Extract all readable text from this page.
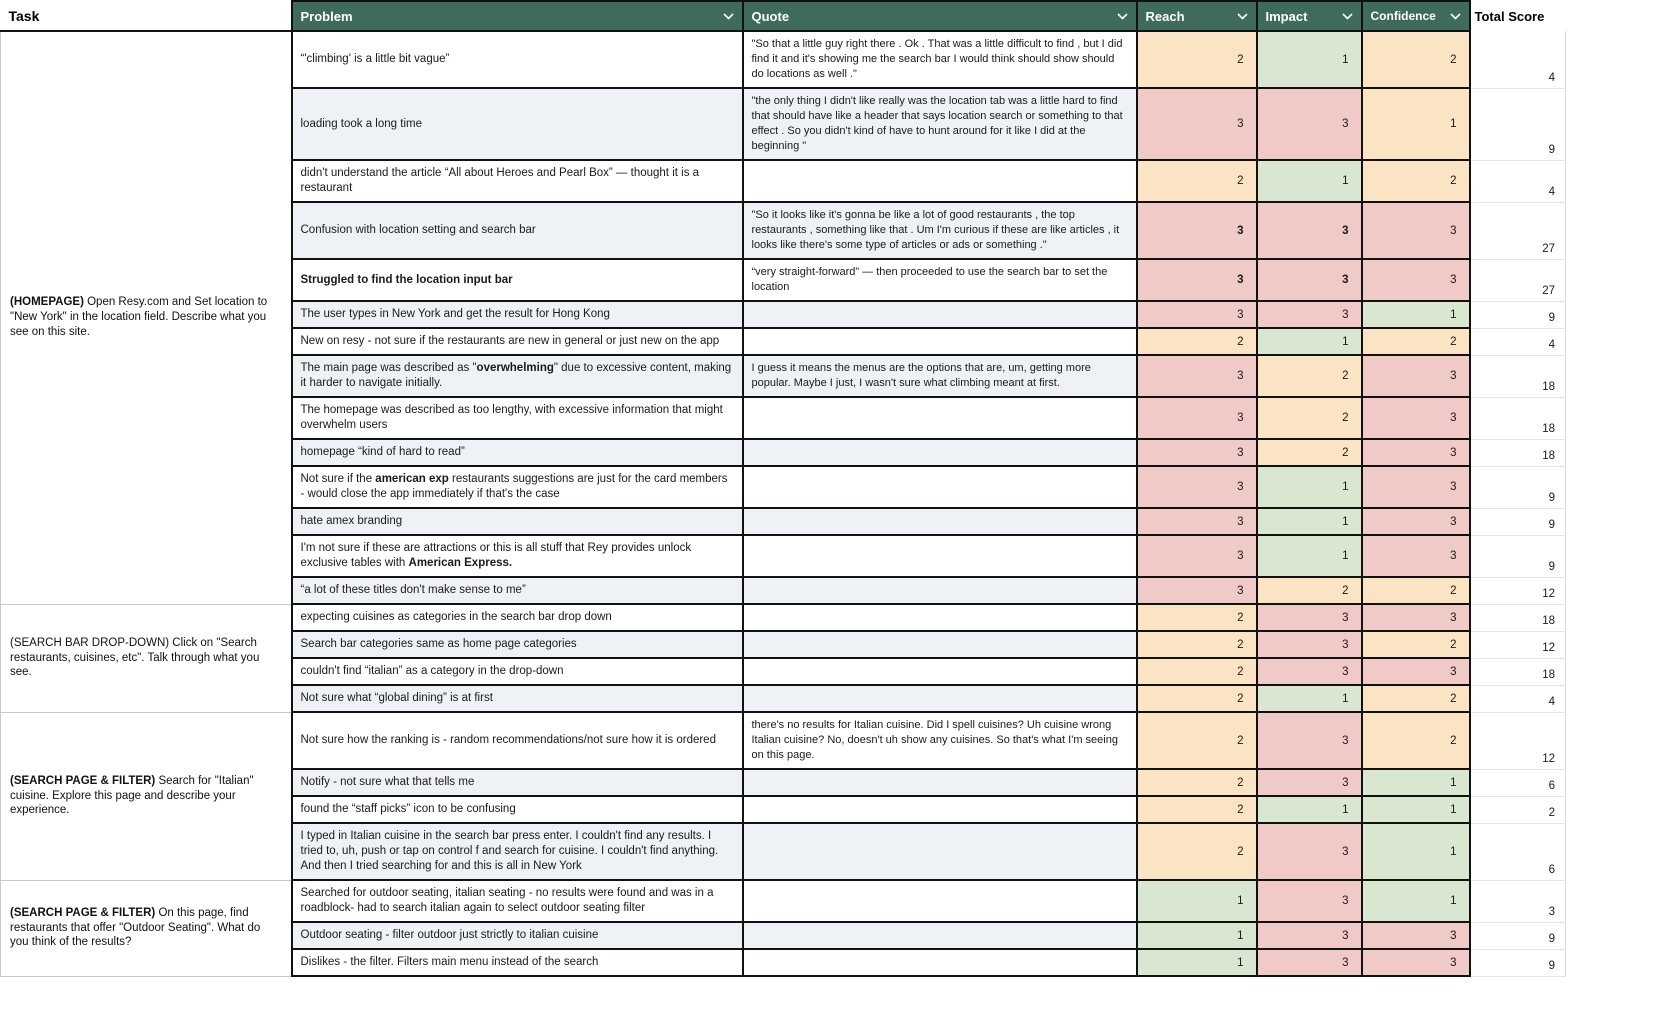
Task	Problem	Quote	Reach	Impact	Confidence	Total Score
(HOMEPAGE) Open Resy.com and Set location to "New York" in the location field. Describe what you see on this site.	“'climbing' is a little bit vague”	"So that a little guy right there . Ok . That was a little difficult to find , but I did find it and it's showing me the search bar I would think should show should do locations as well ."	2	1	2	4
	loading took a long time	"the only thing I didn't like really was the location tab was a little hard to find that should have like a header that says location search or something to that effect . So you didn't kind of have to hunt around for it like I did at the beginning "	3	3	1	9
	didn't understand the article “All about Heroes and Pearl Box” — thought it is a restaurant		2	1	2	4
	Confusion with location setting and search bar	"So it looks like it's gonna be like a lot of good restaurants , the top restaurants , something like that . Um I'm curious if these are like articles , it looks like there's some type of articles or ads or something ."	3	3	3	27
	Struggled to find the location input bar	“very straight-forward” — then proceeded to use the search bar to set the location	3	3	3	27
	The user types in New York and get the result for Hong Kong		3	3	1	9
	New on resy - not sure if the restaurants are new in general or just new on the app		2	1	2	4
	The main page was described as "overwhelming" due to excessive content, making it harder to navigate initially.	I guess it means the menus are the options that are, um, getting more popular. Maybe I just, I wasn't sure what climbing meant at first.	3	2	3	18
	The homepage was described as too lengthy, with excessive information that might overwhelm users		3	2	3	18
	homepage “kind of hard to read”		3	2	3	18
	Not sure if the american exp restaurants suggestions are just for the card members - would close the app immediately if that's the case		3	1	3	9
	hate amex branding		3	1	3	9
	I'm not sure if these are attractions or this is all stuff that Rey provides unlock exclusive tables with American Express.		3	1	3	9
	“a lot of these titles don't make sense to me”		3	2	2	12
(SEARCH BAR DROP-DOWN) Click on "Search restaurants, cuisines, etc". Talk through what you see.	expecting cuisines as categories in the search bar drop down		2	3	3	18
	Search bar categories same as home page categories		2	3	2	12
	couldn't find “italian” as a category in the drop-down		2	3	3	18
	Not sure what “global dining” is at first		2	1	2	4
(SEARCH PAGE & FILTER) Search for "Italian" cuisine. Explore this page and describe your experience.	Not sure how the ranking is - random recommendations/not sure how it is ordered	there's no results for Italian cuisine. Did I spell cuisines? Uh cuisine wrong Italian cuisine? No, doesn't uh show any cuisines. So that's what I'm seeing on this page.	2	3	2	12
	Notify - not sure what that tells me		2	3	1	6
	found the “staff picks” icon to be confusing		2	1	1	2
	I typed in Italian cuisine in the search bar press enter. I couldn't find any results. I tried to, uh, push or tap on control f and search for cuisine. I couldn't find anything. And then I tried searching for and this is all in New York		2	3	1	6
(SEARCH PAGE & FILTER) On this page, find restaurants that offer "Outdoor Seating". What do you think of the results?	Searched for outdoor seating, italian seating - no results were found and was in a roadblock- had to search italian again to select outdoor seating filter		1	3	1	3
	Outdoor seating - filter outdoor just strictly to italian cuisine		1	3	3	9
	Dislikes - the filter. Filters main menu instead of the search		1	3	3	9
